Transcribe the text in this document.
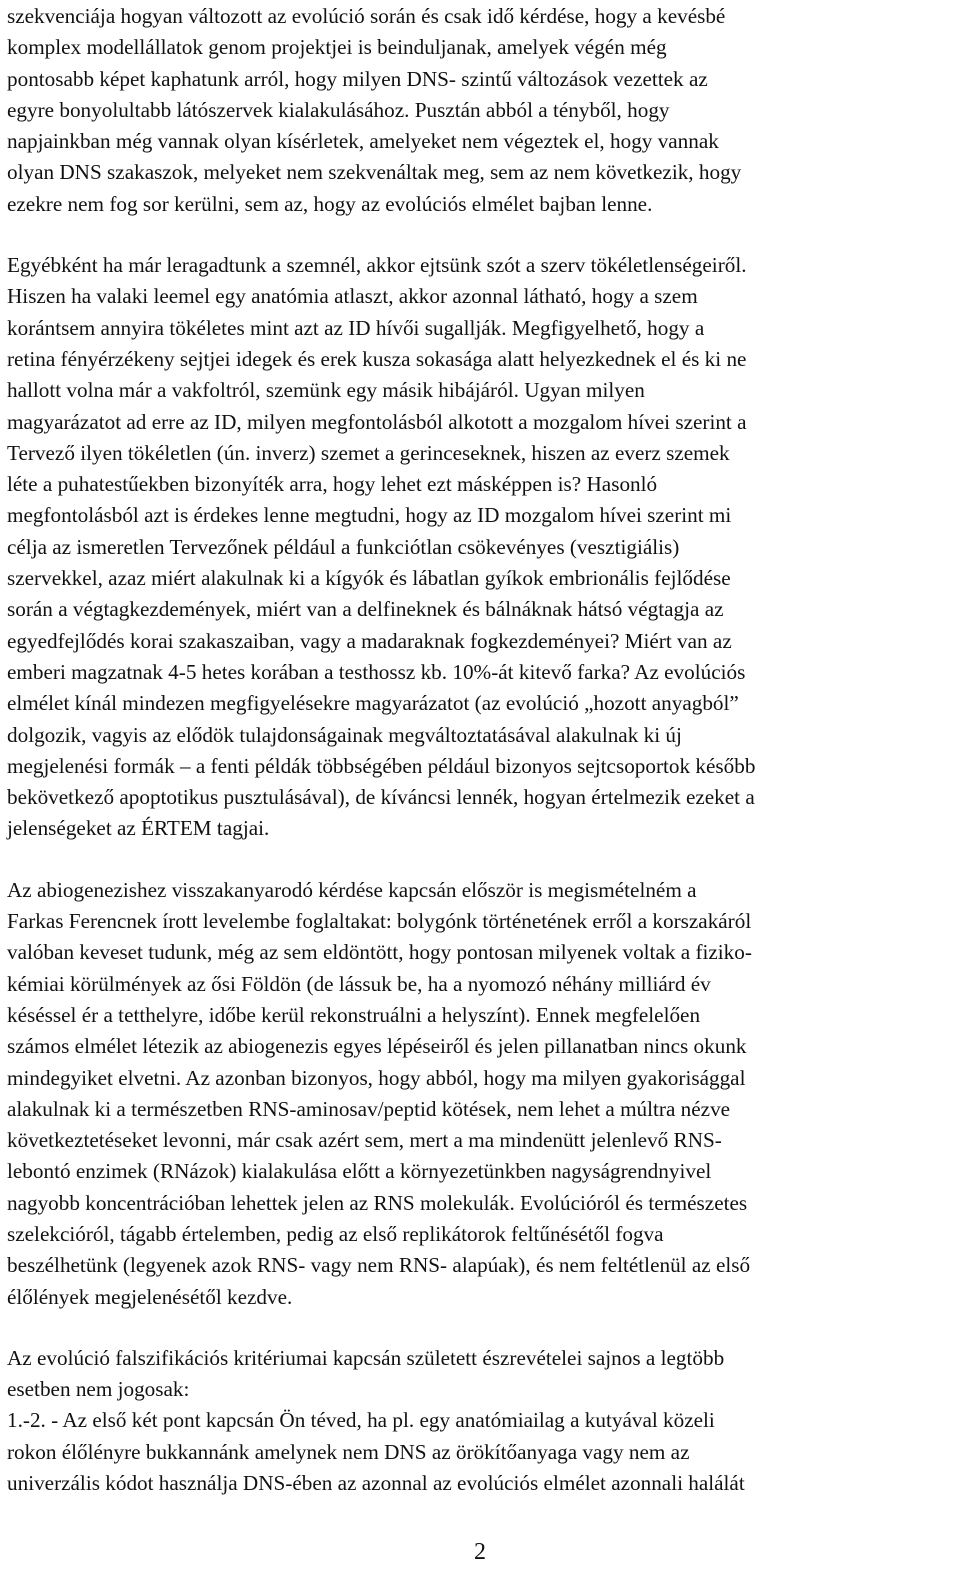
szekvenciája hogyan változott az evolúció során és csak idő kérdése, hogy a kevésbé
komplex modellállatok genom projektjei is beinduljanak, amelyek végén még
pontosabb képet kaphatunk arról, hogy milyen DNS- szintű változások vezettek az
egyre bonyolultabb látószervek kialakulásához. Pusztán abból a tényből, hogy
napjainkban még vannak olyan kísérletek, amelyeket nem végeztek el, hogy vannak
olyan DNS szakaszok, melyeket nem szekvenáltak meg, sem az nem következik, hogy
ezekre nem fog sor kerülni, sem az, hogy az evolúciós elmélet bajban lenne.

Egyébként ha már leragadtunk a szemnél, akkor ejtsünk szót a szerv tökéletlenségeiről.
Hiszen ha valaki leemel egy anatómia atlaszt, akkor azonnal látható, hogy a szem
korántsem annyira tökéletes mint azt az ID hívői sugallják. Megfigyelhető, hogy a
retina fényérzékeny sejtjei idegek és erek kusza sokasága alatt helyezkednek el és ki ne
hallott volna már a vakfoltról, szemünk egy másik hibájáról. Ugyan milyen
magyarázatot ad erre az ID, milyen megfontolásból alkotott a mozgalom hívei szerint a
Tervező ilyen tökéletlen (ún. inverz) szemet a gerinceseknek, hiszen az everz szemek
léte a puhatestűekben bizonyíték arra, hogy lehet ezt másképpen is? Hasonló
megfontolásból azt is érdekes lenne megtudni, hogy az ID mozgalom hívei szerint mi
célja az ismeretlen Tervezőnek például a funkciótlan csökevényes (vesztigiális)
szervekkel, azaz miért alakulnak ki a kígyók és lábatlan gyíkok embrionális fejlődése
során a végtagkezdemények, miért van a delfineknek és bálnáknak hátsó végtagja az
egyedfejlődés korai szakaszaiban, vagy a madaraknak fogkezdeményei? Miért van az
emberi magzatnak 4-5 hetes korában a testhossz kb. 10%-át kitevő farka? Az evolúciós
elmélet kínál mindezen megfigyelésekre magyarázatot (az evolúció „hozott anyagból”
dolgozik, vagyis az elődök tulajdonságainak megváltoztatásával alakulnak ki új
megjelenési formák – a fenti példák többségében például bizonyos sejtcsoportok később
bekövetkező apoptotikus pusztulásával), de kíváncsi lennék, hogyan értelmezik ezeket a
jelenségeket az ÉRTEM tagjai.

Az abiogenezishez visszakanyarodó kérdése kapcsán először is megismételném a
Farkas Ferencnek írott levelembe foglaltakat: bolygónk történetének erről a korszakáról
valóban keveset tudunk, még az sem eldöntött, hogy pontosan milyenek voltak a fiziko-
kémiai körülmények az ősi Földön (de lássuk be, ha a nyomozó néhány milliárd év
késéssel ér a tetthelyre, időbe kerül rekonstruálni a helyszínt). Ennek megfelelően
számos elmélet létezik az abiogenezis egyes lépéseiről és jelen pillanatban nincs okunk
mindegyiket elvetni. Az azonban bizonyos, hogy abból, hogy ma milyen gyakorisággal
alakulnak ki a természetben RNS-aminosav/peptid kötések, nem lehet a múltra nézve
következtetéseket levonni, már csak azért sem, mert a ma mindenütt jelenlevő RNS-
lebontó enzimek (RNázok) kialakulása előtt a környezetünkben nagyságrendnyivel
nagyobb koncentrációban lehettek jelen az RNS molekulák. Evolúcióról és természetes
szelekcióról, tágabb értelemben, pedig az első replikátorok feltűnésétől fogva
beszélhetünk (legyenek azok RNS- vagy nem RNS- alapúak), és nem feltétlenül az első
élőlények megjelenésétől kezdve.

Az evolúció falszifikációs kritériumai kapcsán született észrevételei sajnos a legtöbb
esetben nem jogosak:
1.-2. - Az első két pont kapcsán Ön téved, ha pl. egy anatómiailag a kutyával közeli
rokon élőlényre bukkannánk amelynek nem DNS az örökítőanyaga vagy nem az
univerzális kódot használja DNS-ében az azonnal az evolúciós elmélet azonnali halálát

2
